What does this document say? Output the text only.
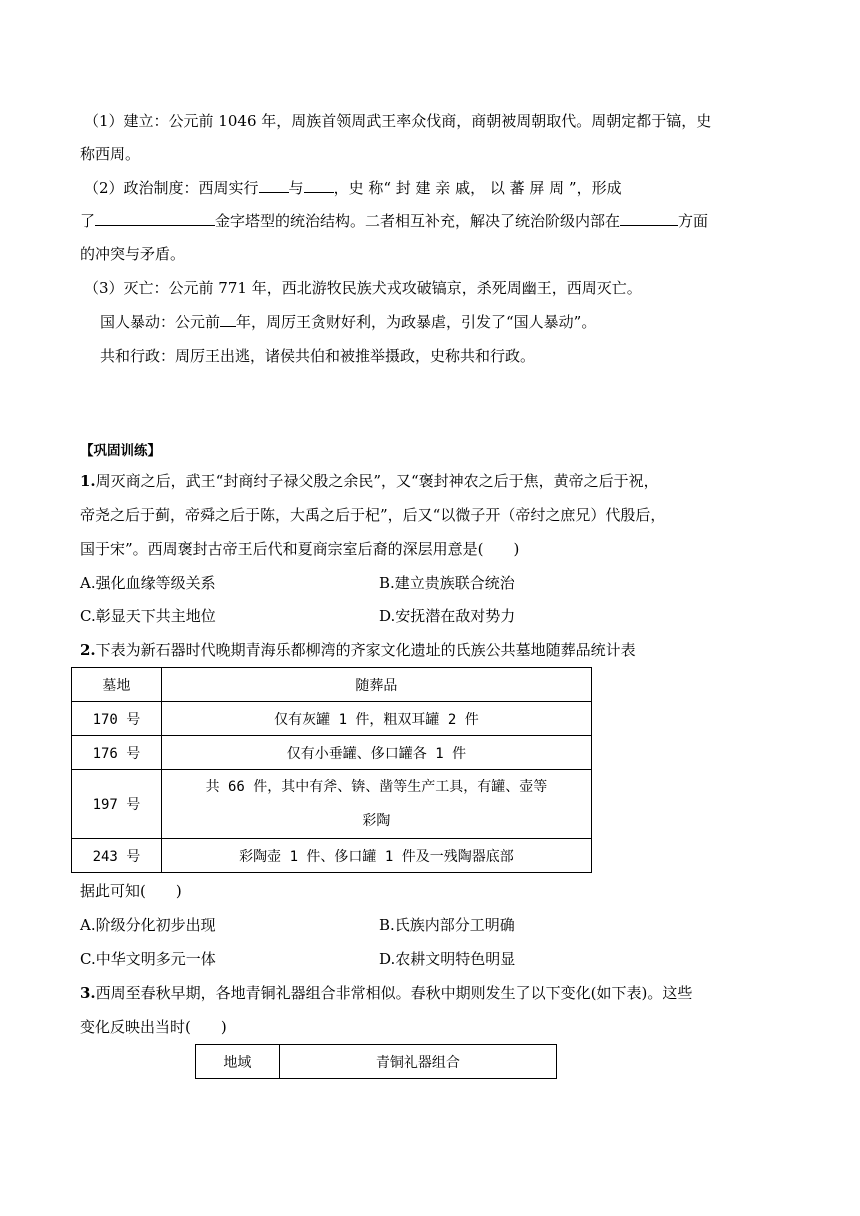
（1）建立：公元前 1046 年，周族首领周武王率众伐商，商朝被周朝取代。周朝定都于镐，史
称西周。
（2）政治制度：西周实行 与 ，史 称“ 封 建 亲 戚， 以 蕃 屏 周 ”，形成
了	金字塔型的统治结构。二者相互补充，解决了统治阶级内部在	方面
的冲突与矛盾。
（3）灭亡：公元前 771 年，西北游牧民族犬戎攻破镐京，杀死周幽王，西周灭亡。
国人暴动：公元前 年，周厉王贪财好利，为政暴虐，引发了“国人暴动”。
共和行政：周厉王出逃，诸侯共伯和被推举摄政，史称共和行政。
【巩固训练】
1.周灭商之后，武王“封商纣子禄父殷之余民”，又“褒封神农之后于焦，黄帝之后于祝，
帝尧之后于蓟，帝舜之后于陈，大禹之后于杞”，后又“以微子开（帝纣之庶兄）代殷后，
国于宋”。西周褒封古帝王后代和夏商宗室后裔的深层用意是(　　)
A.强化血缘等级关系	B.建立贵族联合统治
C.彰显天下共主地位	D.安抚潜在敌对势力
2.下表为新石器时代晚期青海乐都柳湾的齐家文化遗址的氏族公共墓地随葬品统计表
墓地	随葬品
170 号	仅有灰罐 1 件，粗双耳罐 2 件
176 号	仅有小垂罐、侈口罐各 1 件
197 号	共 66 件，其中有斧、锛、凿等生产工具，有罐、壶等
彩陶

243 号	彩陶壶 1 件、侈口罐 1 件及一残陶器底部
据此可知(　　)
A.阶级分化初步出现	B.氏族内部分工明确
C.中华文明多元一体	D.农耕文明特色明显
3.西周至春秋早期，各地青铜礼器组合非常相似。春秋中期则发生了以下变化(如下表)。这些
变化反映出当时(　　)
地域	青铜礼器组合
